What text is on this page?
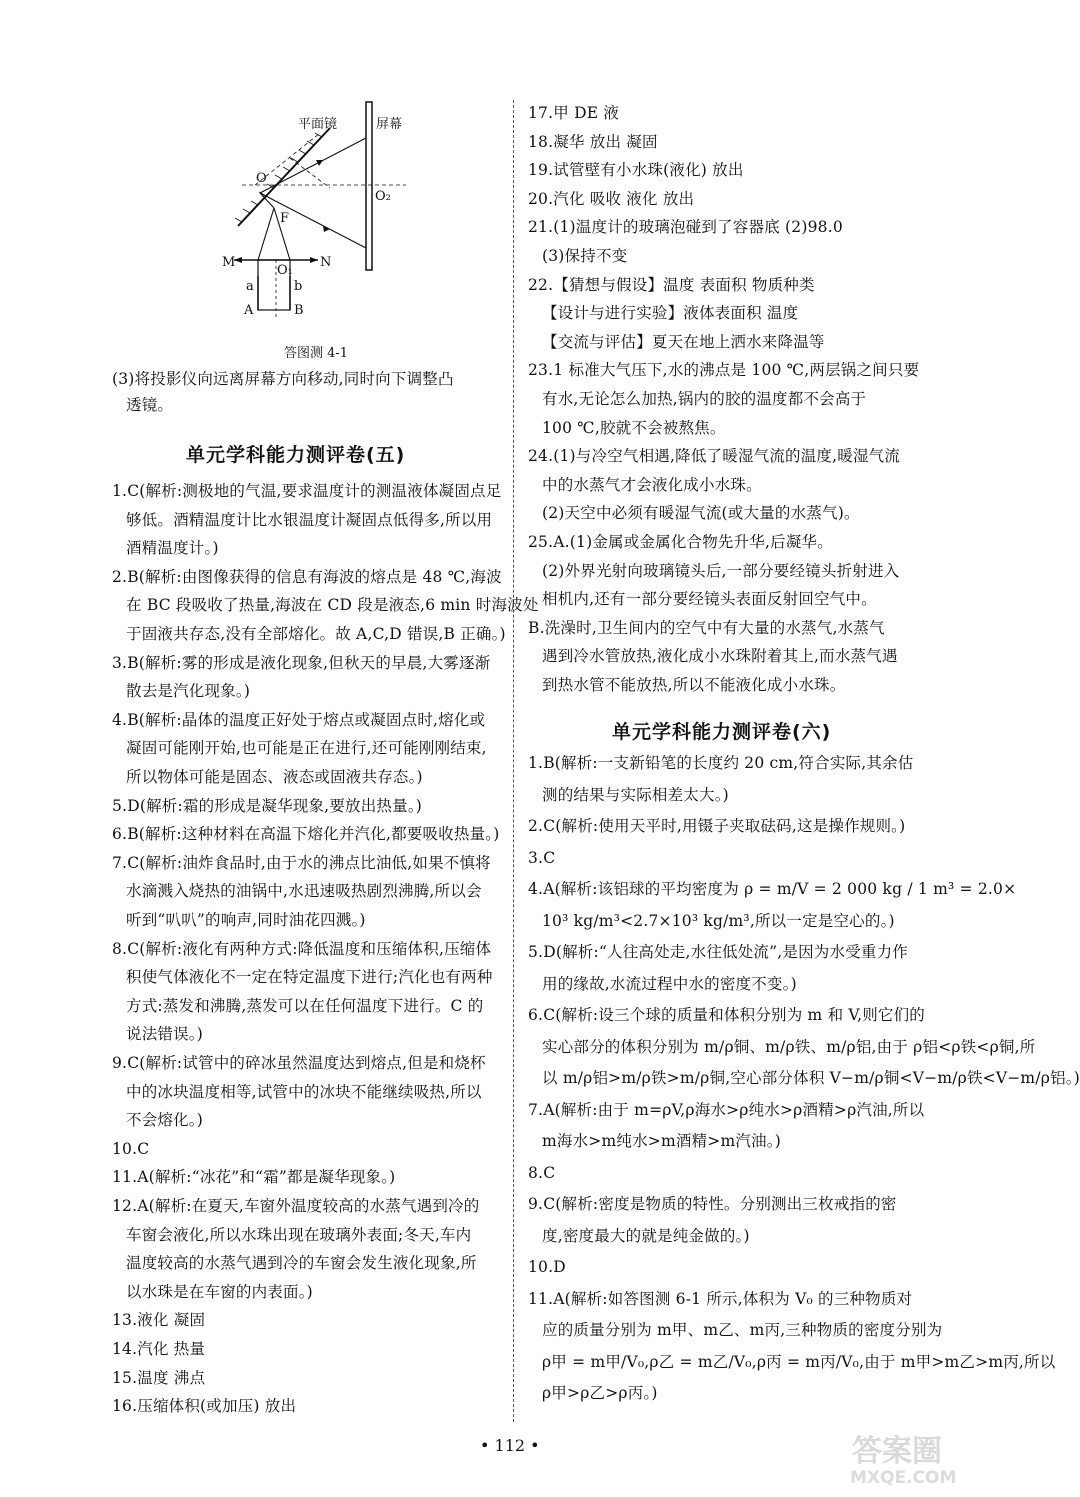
平面镜	屏幕
O
O₂
F
M	N
O₁
a	b
A	B
答图测 4-1
(3)将投影仪向远离屏幕方向移动,同时向下调整凸
透镜。
单元学科能力测评卷(五)
1.C(解析:测极地的气温,要求温度计的测温液体凝固点足
够低。酒精温度计比水银温度计凝固点低得多,所以用
酒精温度计。)
2.B(解析:由图像获得的信息有海波的熔点是 48 ℃,海波
在 BC 段吸收了热量,海波在 CD 段是液态,6 min 时海波处
于固液共存态,没有全部熔化。故 A,C,D 错误,B 正确。)
3.B(解析:雾的形成是液化现象,但秋天的早晨,大雾逐渐
散去是汽化现象。)
4.B(解析:晶体的温度正好处于熔点或凝固点时,熔化或
凝固可能刚开始,也可能是正在进行,还可能刚刚结束,
所以物体可能是固态、液态或固液共存态。)
5.D(解析:霜的形成是凝华现象,要放出热量。)
6.B(解析:这种材料在高温下熔化并汽化,都要吸收热量。)
7.C(解析:油炸食品时,由于水的沸点比油低,如果不慎将
水滴溅入烧热的油锅中,水迅速吸热剧烈沸腾,所以会
听到“叭叭”的响声,同时油花四溅。)
8.C(解析:液化有两种方式:降低温度和压缩体积,压缩体
积使气体液化不一定在特定温度下进行;汽化也有两种
方式:蒸发和沸腾,蒸发可以在任何温度下进行。C 的
说法错误。)
9.C(解析:试管中的碎冰虽然温度达到熔点,但是和烧杯
中的冰块温度相等,试管中的冰块不能继续吸热,所以
不会熔化。)
10.C
11.A(解析:“冰花”和“霜”都是凝华现象。)
12.A(解析:在夏天,车窗外温度较高的水蒸气遇到冷的
车窗会液化,所以水珠出现在玻璃外表面;冬天,车内
温度较高的水蒸气遇到冷的车窗会发生液化现象,所
以水珠是在车窗的内表面。)
13.液化 凝固
14.汽化 热量
15.温度 沸点
16.压缩体积(或加压) 放出
17.甲 DE 液
18.凝华 放出 凝固
19.试管壁有小水珠(液化) 放出
20.汽化 吸收 液化 放出
21.(1)温度计的玻璃泡碰到了容器底 (2)98.0
(3)保持不变
22.【猜想与假设】温度 表面积 物质种类
【设计与进行实验】液体表面积 温度
【交流与评估】夏天在地上洒水来降温等
23.1 标准大气压下,水的沸点是 100 ℃,两层锅之间只要
有水,无论怎么加热,锅内的胶的温度都不会高于
100 ℃,胶就不会被熬焦。
24.(1)与冷空气相遇,降低了暖湿气流的温度,暖湿气流
中的水蒸气才会液化成小水珠。
(2)天空中必须有暖湿气流(或大量的水蒸气)。
25.A.(1)金属或金属化合物先升华,后凝华。
(2)外界光射向玻璃镜头后,一部分要经镜头折射进入
相机内,还有一部分要经镜头表面反射回空气中。
B.洗澡时,卫生间内的空气中有大量的水蒸气,水蒸气
遇到冷水管放热,液化成小水珠附着其上,而水蒸气遇
到热水管不能放热,所以不能液化成小水珠。
单元学科能力测评卷(六)
1.B(解析:一支新铅笔的长度约 20 cm,符合实际,其余估
测的结果与实际相差太大。)
2.C(解析:使用天平时,用镊子夹取砝码,这是操作规则。)
3.C
4.A(解析:该铝球的平均密度为 ρ = m/V = 2 000 kg / 1 m³ = 2.0×
10³ kg/m³<2.7×10³ kg/m³,所以一定是空心的。)
5.D(解析:“人往高处走,水往低处流”,是因为水受重力作
用的缘故,水流过程中水的密度不变。)
6.C(解析:设三个球的质量和体积分别为 m 和 V,则它们的
实心部分的体积分别为 m/ρ铜、m/ρ铁、m/ρ铝,由于 ρ铝<ρ铁<ρ铜,所
以 m/ρ铝>m/ρ铁>m/ρ铜,空心部分体积 V−m/ρ铜<V−m/ρ铁<V−m/ρ铝。)
7.A(解析:由于 m=ρV,ρ海水>ρ纯水>ρ酒精>ρ汽油,所以
m海水>m纯水>m酒精>m汽油。)
8.C
9.C(解析:密度是物质的特性。分别测出三枚戒指的密
度,密度最大的就是纯金做的。)
10.D
11.A(解析:如答图测 6-1 所示,体积为 V₀ 的三种物质对
应的质量分别为 m甲、m乙、m丙,三种物质的密度分别为
ρ甲 = m甲/V₀,ρ乙 = m乙/V₀,ρ丙 = m丙/V₀,由于 m甲>m乙>m丙,所以
ρ甲>ρ乙>ρ丙。)
• 112 •	答案圈
MXQE.COM
